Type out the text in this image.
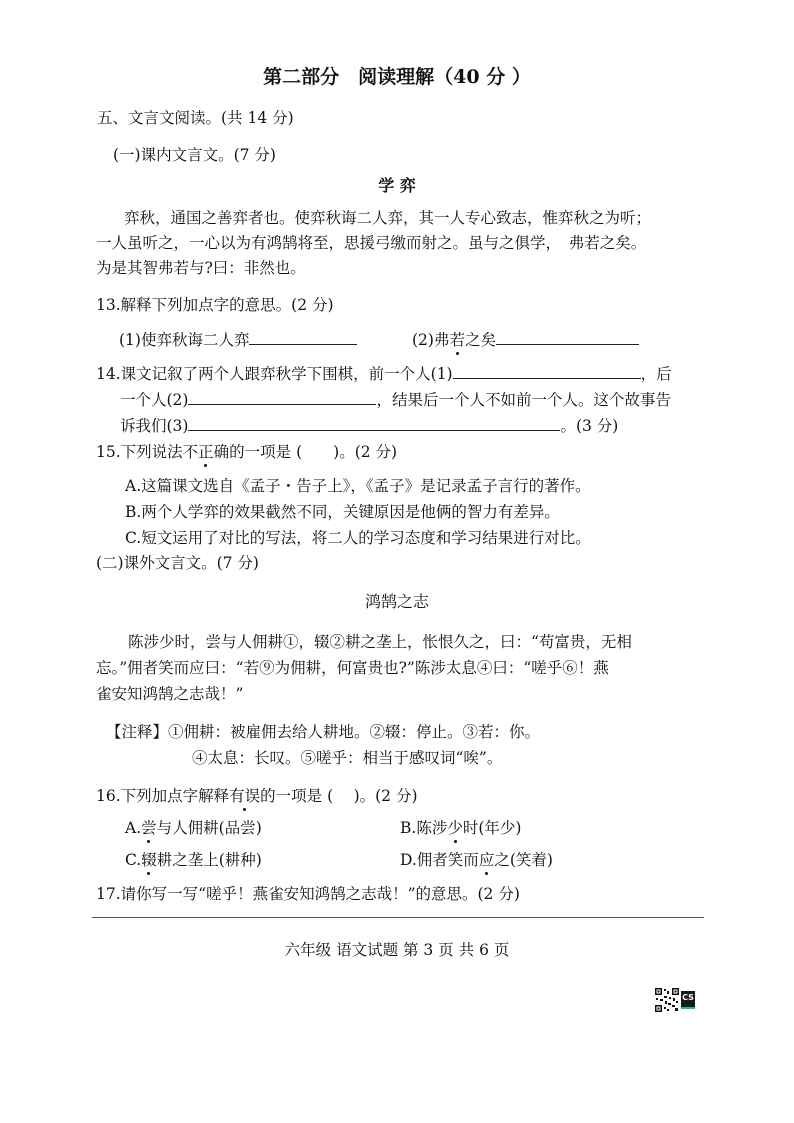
第二部分　阅读理解（40 分 ）
五、文言文阅读。(共 14 分)
(一)课内文言文。(7 分)
学 弈
弈秋，通国之善弈者也。使弈秋诲二人弈，其一人专心致志，惟弈秋之为听；
一人虽听之，一心以为有鸿鹄将至，思援弓缴而射之。虽与之俱学，　弗若之矣。
为是其智弗若与?曰：非然也。
13.解释下列加点字的意思。(2 分)
(1)使弈秋诲二人弈	(2)弗若之矣
14.课文记叙了两个人跟弈秋学下围棋，前一个人(1)	，后
一个人(2)	，结果后一个人不如前一个人。这个故事告
诉我们(3)	。(3 分)
15.下列说法不正确的一项是 (　　)。(2 分)
A.这篇课文选自《孟子・告子上》，《孟子》是记录孟子言行的著作。
B.两个人学弈的效果截然不同，关键原因是他俩的智力有差异。
C.短文运用了对比的写法，将二人的学习态度和学习结果进行对比。
(二)课外文言文。(7 分)
鸿鹄之志
陈涉少时，尝与人佣耕①，辍②耕之垄上，怅恨久之，曰：“苟富贵，无相
忘。”佣者笑而应曰：“若⑨为佣耕，何富贵也?”陈涉太息④曰：“嗟乎⑥！燕
雀安知鸿鹄之志哉！”
【注释】①佣耕：被雇佣去给人耕地。②辍：停止。③若：你。
④太息：长叹。⑤嗟乎：相当于感叹词“唉”。
16.下列加点字解释有误的一项是 (　 )。(2 分)
A.尝与人佣耕(品尝)	B.陈涉少时(年少)
C.辍耕之垄上(耕种)	D.佣者笑而应之(笑着)
17.请你写一写“嗟乎！燕雀安知鸿鹄之志哉！”的意思。(2 分)
六年级 语文试题 第 3 页 共 6 页
CS
